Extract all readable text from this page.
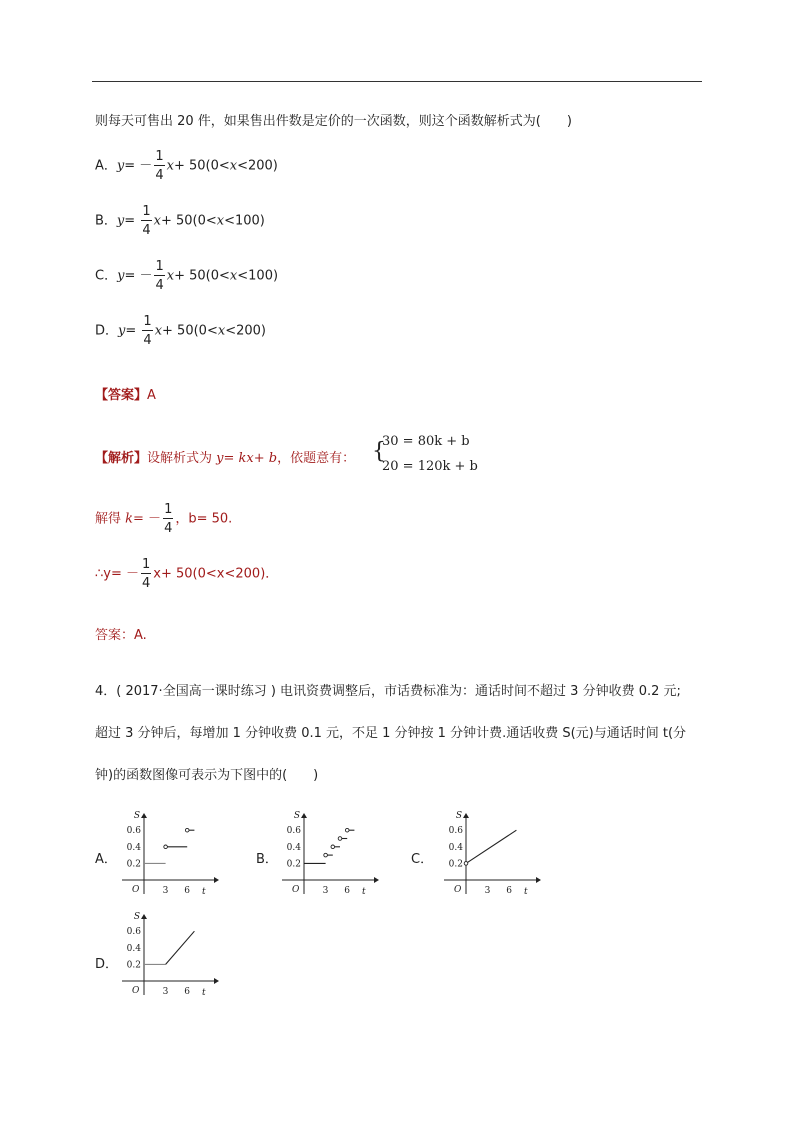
则每天可售出 20 件，如果售出件数是定价的一次函数，则这个函数解析式为(　　)
A．$y= - \frac{1}{4} x+ 50(0<x<200)$
B．$y= \frac{1}{4} x+ 50(0<x<100)$
C．$y= - \frac{1}{4} x+ 50(0<x<100)$
D．$y= \frac{1}{4} x+ 50(0<x<200)$
【答案】A
【解析】设解析式为 y= kx+ b，依题意有： {
30 = 80k + b
20 = 120k + b
解得 $k= - \frac{1}{4}$ ，b= 50.
∴y= － $\frac{1}{4} x+ 50(0<x<200)$．
答案：A.
4．( 2017·全国高一课时练习 ) 电讯资费调整后，市话费标准为：通话时间不超过 3 分钟收费 0.2 元;
超过 3 分钟后，每增加 1 分钟收费 0.1 元，不足 1 分钟按 1 分钟计费.通话收费 S(元)与通话时间 t(分
钟)的函数图像可表示为下图中的(　　)
A．	B．	C．
D．
S
t
O
0.2
0.4
0.6
3 6
S
t
O
0.2
0.4
0.6
3 6
S
t
O
0.2
0.4
0.6
3 6
S
t
O
0.2
0.4
0.6
3 6
